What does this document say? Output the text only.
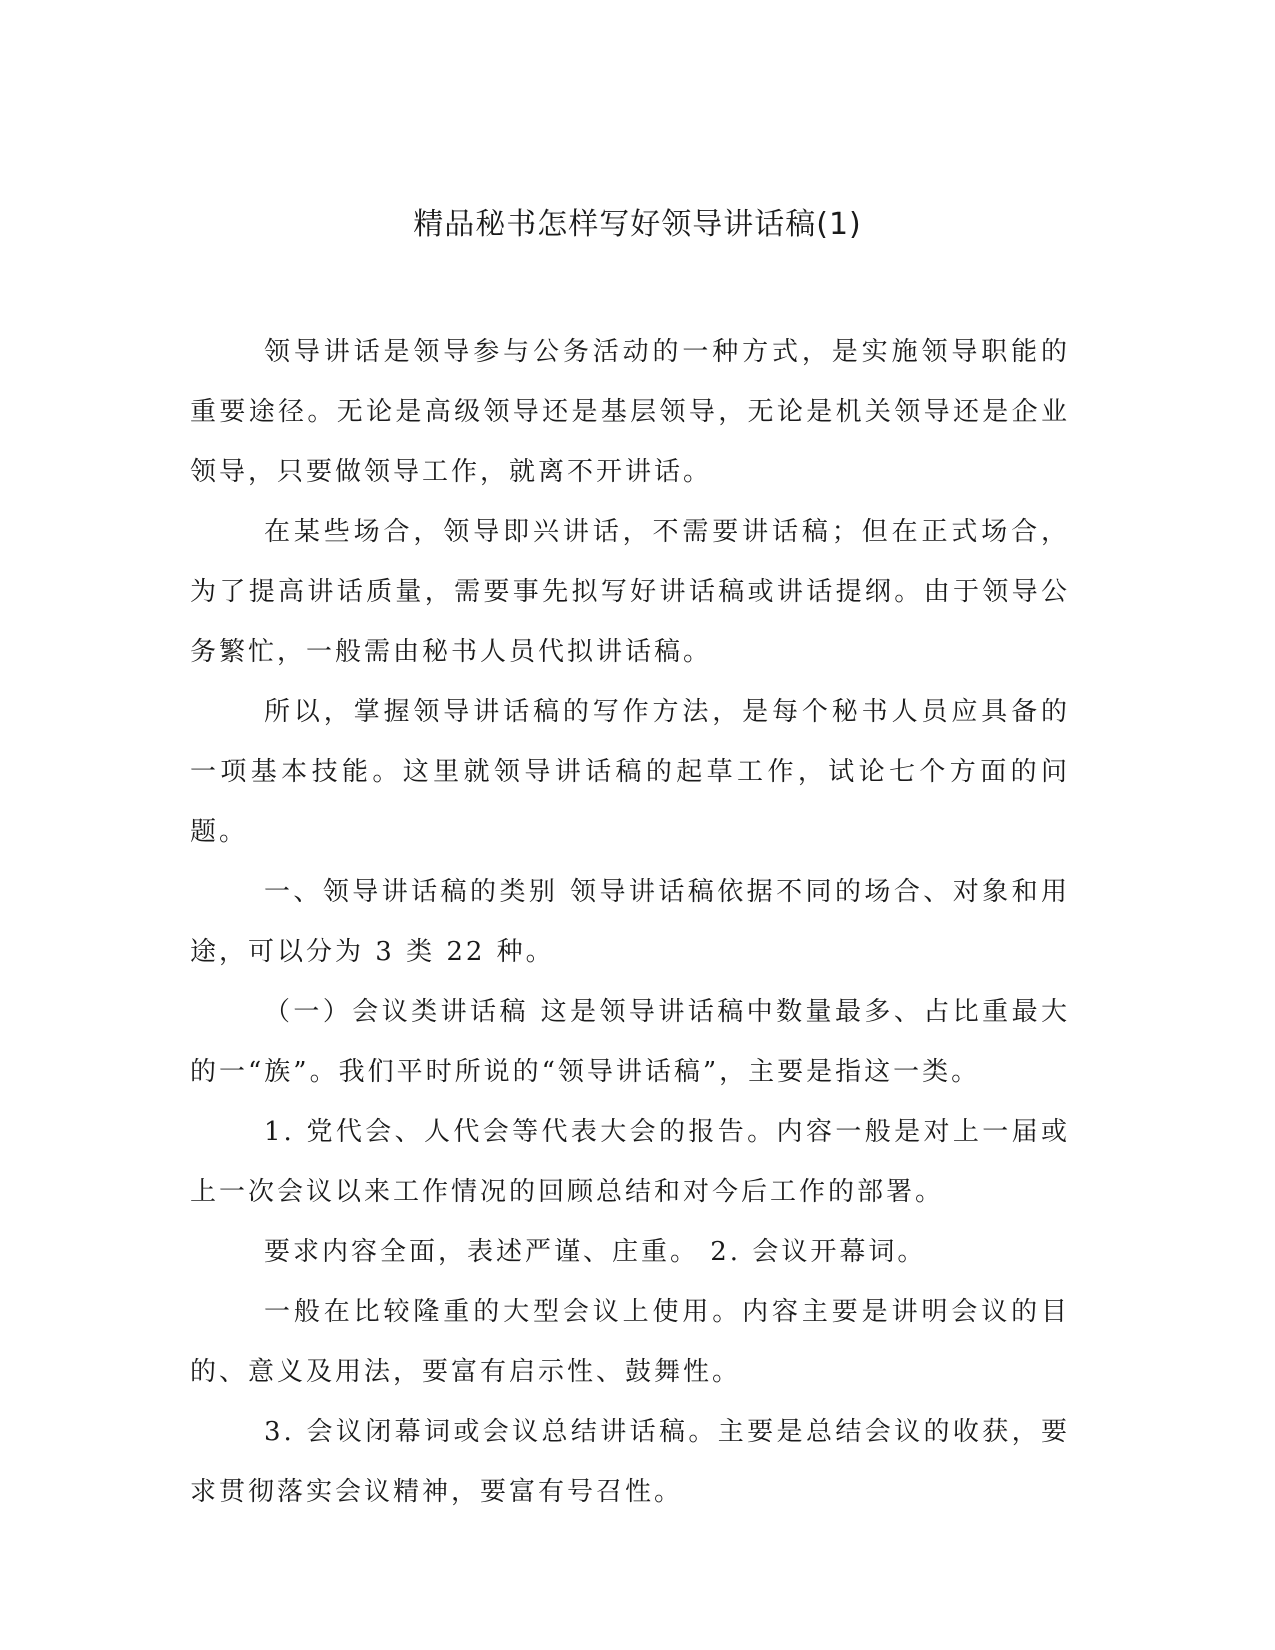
精品秘书怎样写好领导讲话稿(1)

领导讲话是领导参与公务活动的一种方式，是实施领导职能的重要途径。无论是高级领导还是基层领导，无论是机关领导还是企业领导，只要做领导工作，就离不开讲话。

在某些场合，领导即兴讲话，不需要讲话稿；但在正式场合，为了提高讲话质量，需要事先拟写好讲话稿或讲话提纲。由于领导公务繁忙，一般需由秘书人员代拟讲话稿。

所以，掌握领导讲话稿的写作方法，是每个秘书人员应具备的一项基本技能。这里就领导讲话稿的起草工作，试论七个方面的问题。

一、领导讲话稿的类别 领导讲话稿依据不同的场合、对象和用途，可以分为 3 类 22 种。

（一）会议类讲话稿 这是领导讲话稿中数量最多、占比重最大的一“族”。我们平时所说的“领导讲话稿”，主要是指这一类。

1. 党代会、人代会等代表大会的报告。内容一般是对上一届或上一次会议以来工作情况的回顾总结和对今后工作的部署。

要求内容全面，表述严谨、庄重。 2. 会议开幕词。

一般在比较隆重的大型会议上使用。内容主要是讲明会议的目的、意义及用法，要富有启示性、鼓舞性。

3. 会议闭幕词或会议总结讲话稿。主要是总结会议的收获，要求贯彻落实会议精神，要富有号召性。
